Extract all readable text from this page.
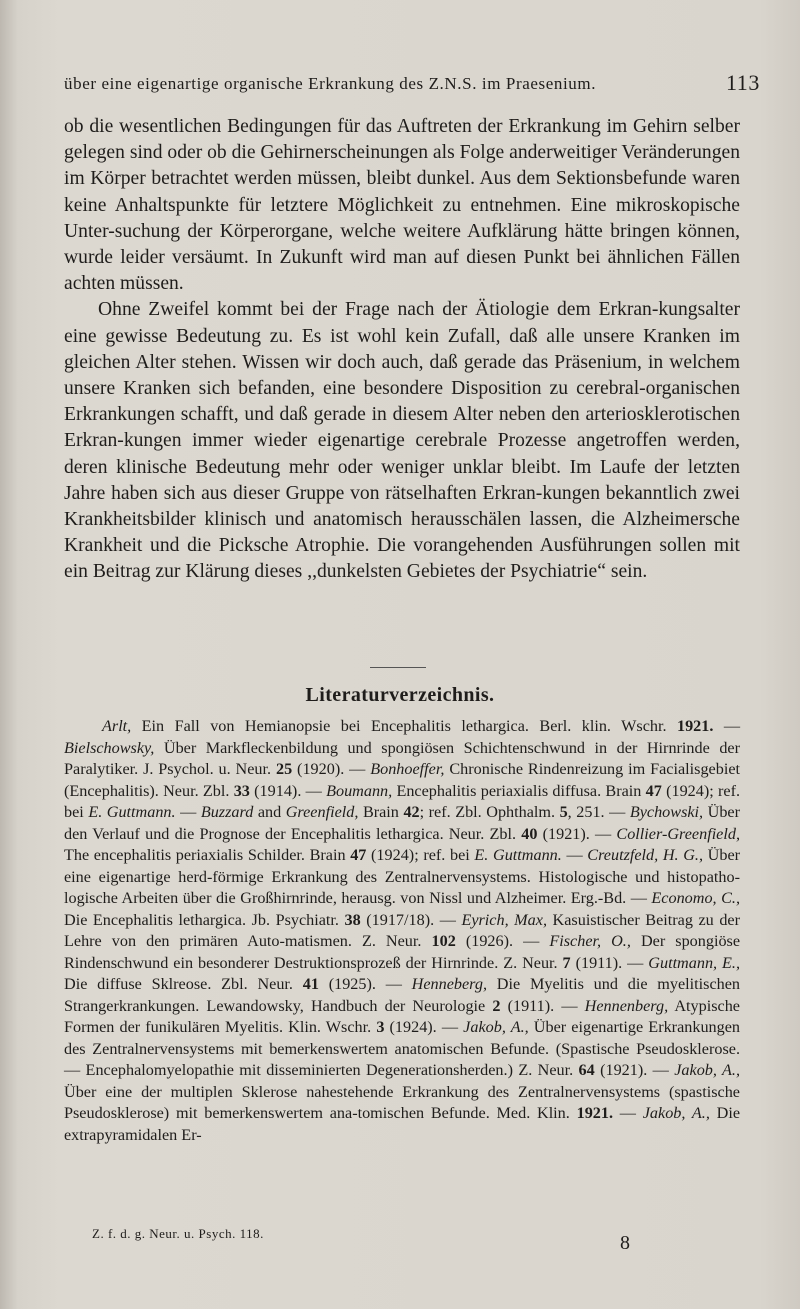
über eine eigenartige organische Erkrankung des Z.N.S. im Praesenium.	113

ob die wesentlichen Bedingungen für das Auftreten der Erkrankung im Gehirn selber gelegen sind oder ob die Gehirnerscheinungen als Folge anderweitiger Veränderungen im Körper betrachtet werden müssen, bleibt dunkel. Aus dem Sektionsbefunde waren keine Anhaltspunkte für letztere Möglichkeit zu entnehmen. Eine mikroskopische Unter-suchung der Körperorgane, welche weitere Aufklärung hätte bringen können, wurde leider versäumt. In Zukunft wird man auf diesen Punkt bei ähnlichen Fällen achten müssen.

Ohne Zweifel kommt bei der Frage nach der Ätiologie dem Erkran-kungsalter eine gewisse Bedeutung zu. Es ist wohl kein Zufall, daß alle unsere Kranken im gleichen Alter stehen. Wissen wir doch auch, daß gerade das Präsenium, in welchem unsere Kranken sich befanden, eine besondere Disposition zu cerebral-organischen Erkrankungen schafft, und daß gerade in diesem Alter neben den arteriosklerotischen Erkran-kungen immer wieder eigenartige cerebrale Prozesse angetroffen werden, deren klinische Bedeutung mehr oder weniger unklar bleibt. Im Laufe der letzten Jahre haben sich aus dieser Gruppe von rätselhaften Erkran-kungen bekanntlich zwei Krankheitsbilder klinisch und anatomisch herausschälen lassen, die Alzheimersche Krankheit und die Picksche Atrophie. Die vorangehenden Ausführungen sollen mit ein Beitrag zur Klärung dieses ,,dunkelsten Gebietes der Psychiatrie“ sein.

Literaturverzeichnis.
Arlt, Ein Fall von Hemianopsie bei Encephalitis lethargica. Berl. klin. Wschr. 1921. — Bielschowsky, Über Markfleckenbildung und spongiösen Schichtenschwund in der Hirnrinde der Paralytiker. J. Psychol. u. Neur. 25 (1920). — Bonhoeffer, Chronische Rindenreizung im Facialisgebiet (Encephalitis). Neur. Zbl. 33 (1914). — Boumann, Encephalitis periaxialis diffusa. Brain 47 (1924); ref. bei E. Guttmann. — Buzzard and Greenfield, Brain 42; ref. Zbl. Ophthalm. 5, 251. — Bychowski, Über den Verlauf und die Prognose der Encephalitis lethargica. Neur. Zbl. 40 (1921). — Collier-Greenfield, The encephalitis periaxialis Schilder. Brain 47 (1924); ref. bei E. Guttmann. — Creutzfeld, H. G., Über eine eigenartige herd-förmige Erkrankung des Zentralnervensystems. Histologische und histopatho-logische Arbeiten über die Großhirnrinde, herausg. von Nissl und Alzheimer. Erg.-Bd. — Economo, C., Die Encephalitis lethargica. Jb. Psychiatr. 38 (1917/18). — Eyrich, Max, Kasuistischer Beitrag zu der Lehre von den primären Auto-matismen. Z. Neur. 102 (1926). — Fischer, O., Der spongiöse Rindenschwund ein besonderer Destruktionsprozeß der Hirnrinde. Z. Neur. 7 (1911). — Guttmann, E., Die diffuse Sklreose. Zbl. Neur. 41 (1925). — Henneberg, Die Myelitis und die myelitischen Strangerkrankungen. Lewandowsky, Handbuch der Neurologie 2 (1911). — Hennenberg, Atypische Formen der funikulären Myelitis. Klin. Wschr. 3 (1924). — Jakob, A., Über eigenartige Erkrankungen des Zentralnervensystems mit bemerkenswertem anatomischen Befunde. (Spastische Pseudosklerose. — Encephalomyelopathie mit disseminierten Degenerationsherden.) Z. Neur. 64 (1921). — Jakob, A., Über eine der multiplen Sklerose nahestehende Erkrankung des Zentralnervensystems (spastische Pseudosklerose) mit bemerkenswertem ana-tomischen Befunde. Med. Klin. 1921. — Jakob, A., Die extrapyramidalen Er-
Z. f. d. g. Neur. u. Psych. 118.	8
